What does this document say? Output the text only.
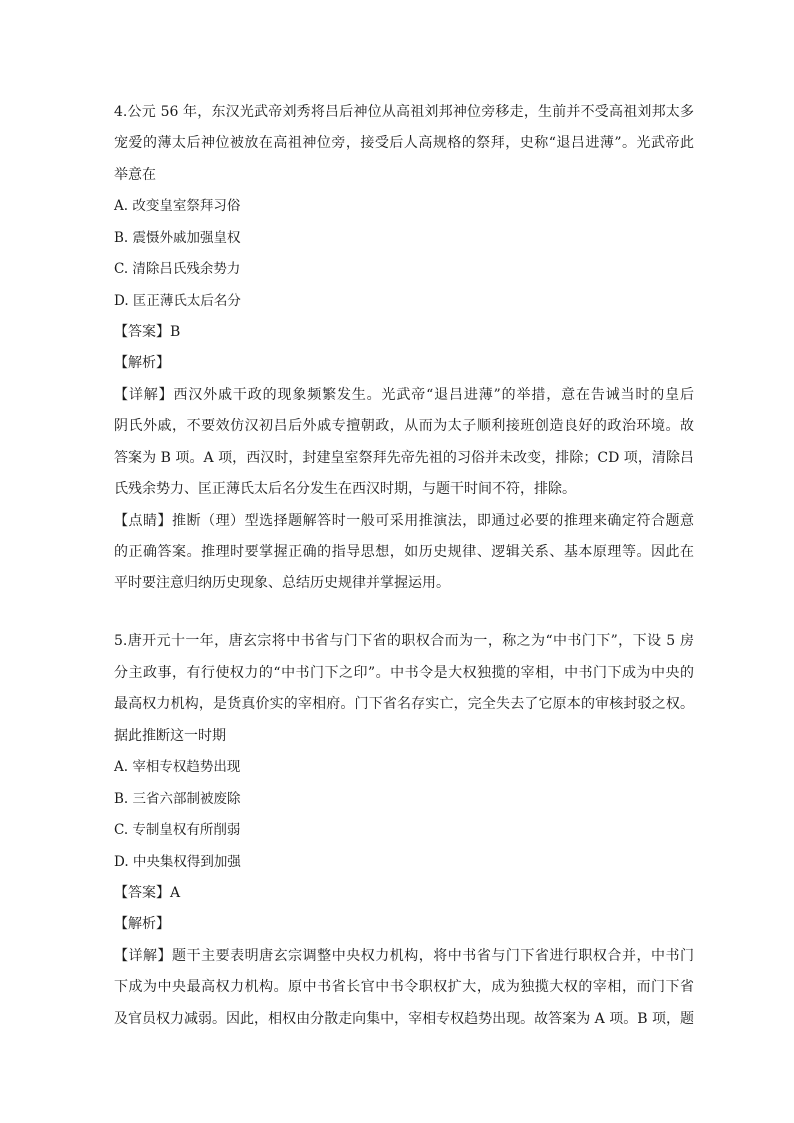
4.公元 56 年，东汉光武帝刘秀将吕后神位从高祖刘邦神位旁移走，生前并不受高祖刘邦太多
宠爱的薄太后神位被放在高祖神位旁，接受后人高规格的祭拜，史称“退吕进薄”。光武帝此
举意在
A. 改变皇室祭拜习俗
B. 震慑外戚加强皇权
C. 清除吕氏残余势力
D. 匡正薄氏太后名分
【答案】B
【解析】
【详解】西汉外戚干政的现象频繁发生。光武帝“退吕进薄”的举措，意在告诫当时的皇后
阴氏外戚，不要效仿汉初吕后外戚专擅朝政，从而为太子顺利接班创造良好的政治环境。故
答案为 B 项。A 项，西汉时，封建皇室祭拜先帝先祖的习俗并未改变，排除；CD 项，清除吕
氏残余势力、匡正薄氏太后名分发生在西汉时期，与题干时间不符，排除。
【点睛】推断（理）型选择题解答时一般可采用推演法，即通过必要的推理来确定符合题意
的正确答案。推理时要掌握正确的指导思想，如历史规律、逻辑关系、基本原理等。因此在
平时要注意归纳历史现象、总结历史规律并掌握运用。
5.唐开元十一年，唐玄宗将中书省与门下省的职权合而为一，称之为“中书门下”，下设 5 房
分主政事，有行使权力的“中书门下之印”。中书令是大权独揽的宰相，中书门下成为中央的
最高权力机构，是货真价实的宰相府。门下省名存实亡，完全失去了它原本的审核封驳之权。
据此推断这一时期
A. 宰相专权趋势出现
B. 三省六部制被废除
C. 专制皇权有所削弱
D. 中央集权得到加强
【答案】A
【解析】
【详解】题干主要表明唐玄宗调整中央权力机构，将中书省与门下省进行职权合并，中书门
下成为中央最高权力机构。原中书省长官中书令职权扩大，成为独揽大权的宰相，而门下省
及官员权力减弱。因此，相权由分散走向集中，宰相专权趋势出现。故答案为 A 项。B 项，题
